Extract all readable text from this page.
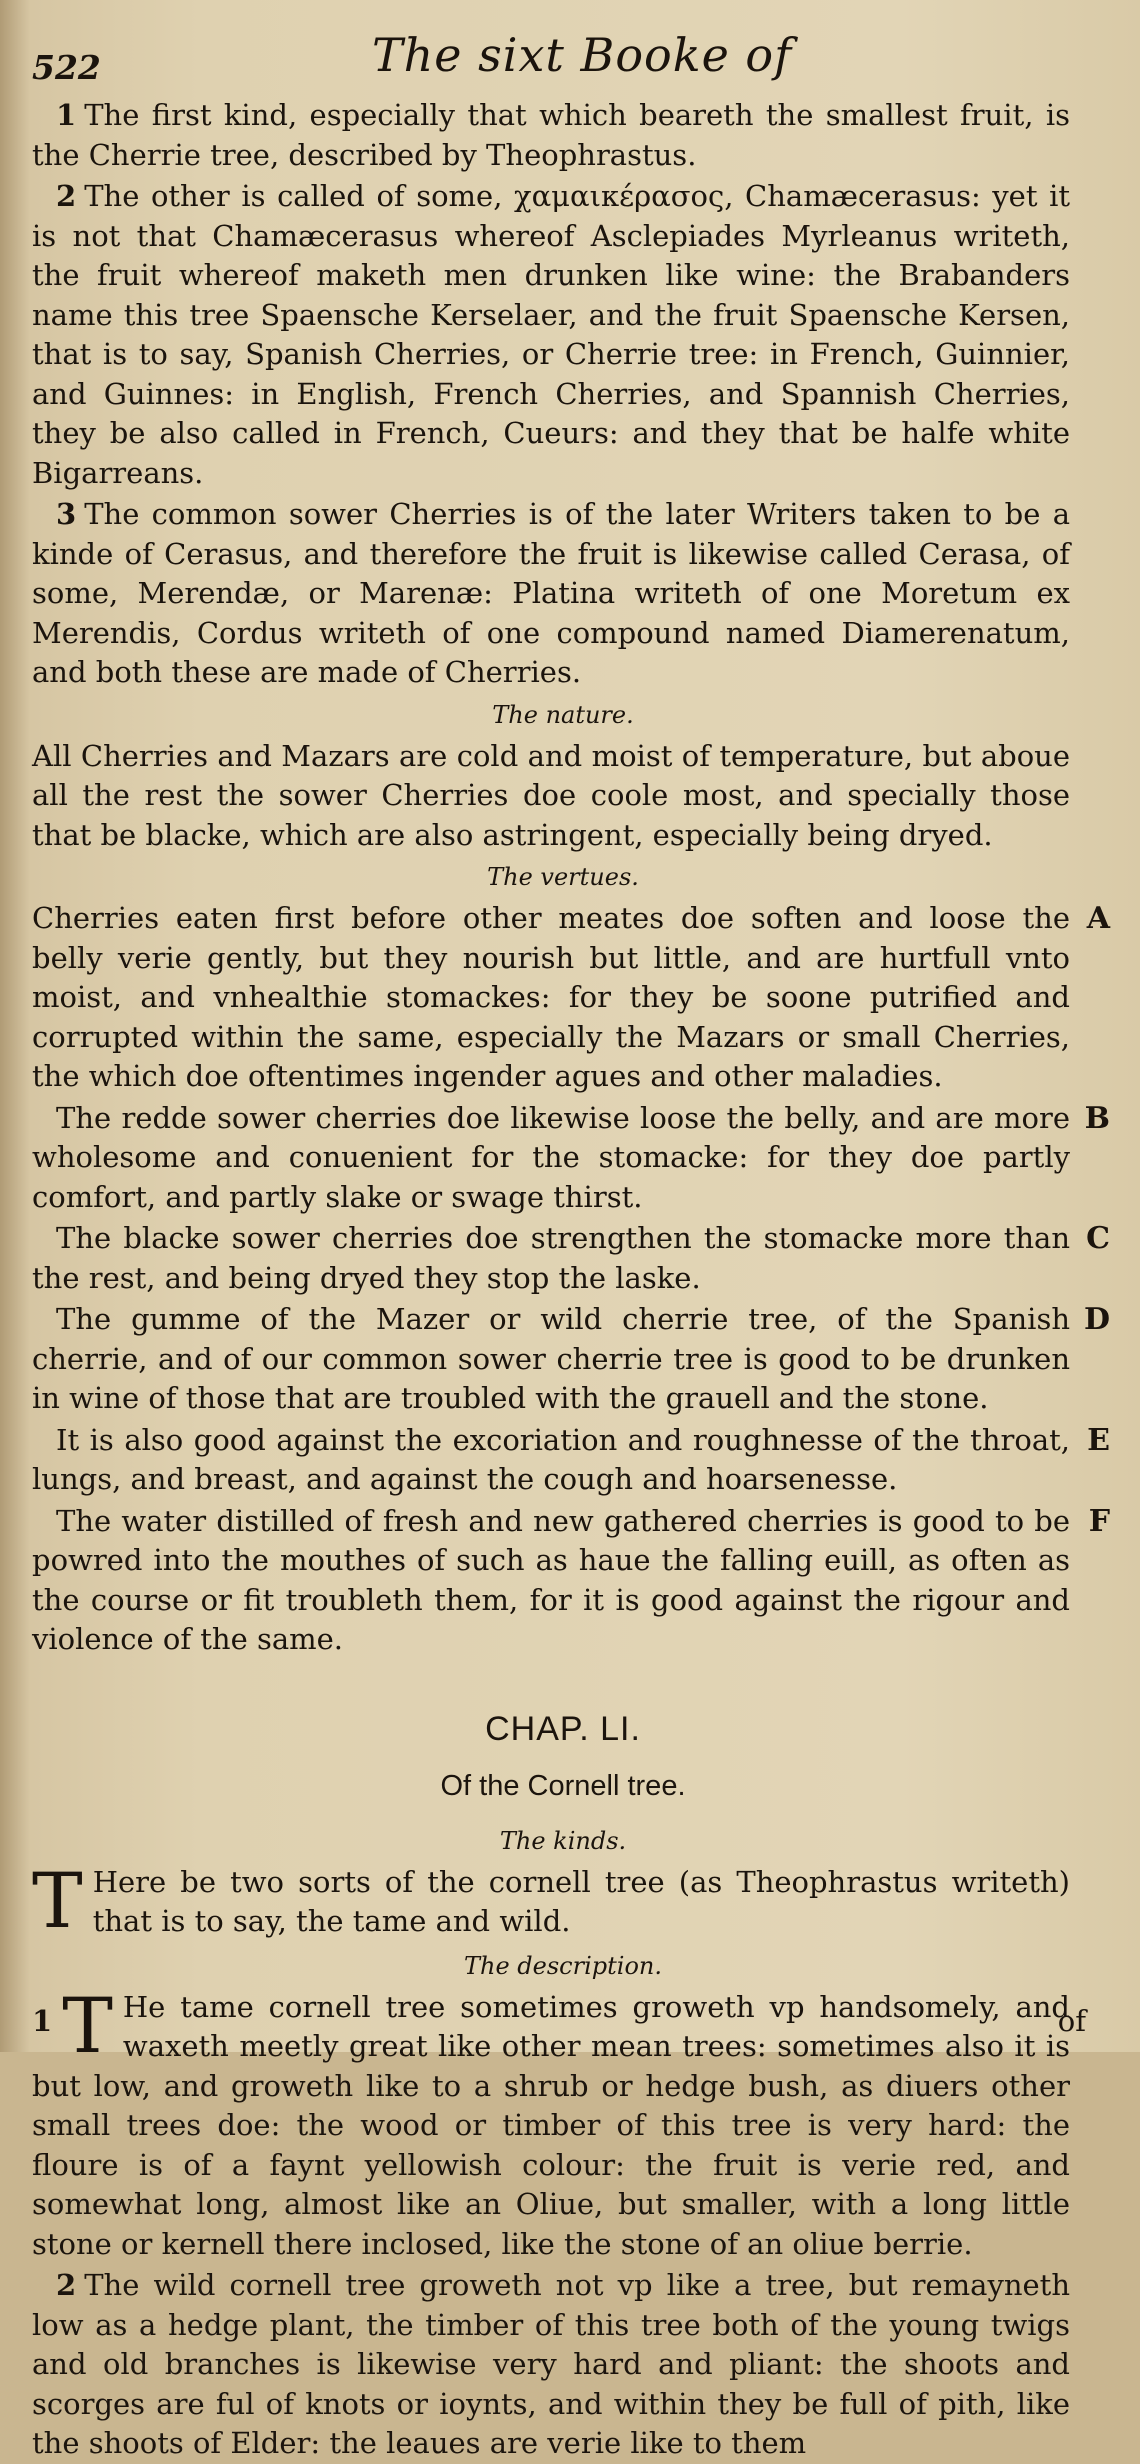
522	The sixt Booke of

1 The first kind, especially that which beareth the smallest fruit, is the Cherrie tree, described by Theophrastus.

2 The other is called of some, χαμαικέρασος, Chamæcerasus: yet it is not that Chamæcerasus whereof Asclepiades Myrleanus writeth, the fruit whereof maketh men drunken like wine: the Brabanders name this tree Spaensche Kerselaer, and the fruit Spaensche Kersen, that is to say, Spanish Cherries, or Cherrie tree: in French, Guinnier, and Guinnes: in English, French Cherries, and Spannish Cherries, they be also called in French, Cueurs: and they that be halfe white Bigarreans.

3 The common sower Cherries is of the later Writers taken to be a kinde of Cerasus, and therefore the fruit is likewise called Cerasa, of some, Merendæ, or Marenæ: Platina writeth of one Moretum ex Merendis, Cordus writeth of one compound named Diamerenatum, and both these are made of Cherries.

The nature.

All Cherries and Mazars are cold and moist of temperature, but aboue all the rest the sower Cherries doe coole most, and specially those that be blacke, which are also astringent, especially being dryed.

The vertues.

Cherries eaten first before other meates doe soften and loose the belly verie gently, but they nourish but little, and are hurtfull vnto moist, and vnhealthie stomackes: for they be soone putrified and corrupted within the same, especially the Mazars or small Cherries, the which doe oftentimes ingender agues and other maladies.
A

The redde sower cherries doe likewise loose the belly, and are more wholesome and conuenient for the stomacke: for they doe partly comfort, and partly slake or swage thirst.
B

The blacke sower cherries doe strengthen the stomacke more than the rest, and being dryed they stop the laske.
C

The gumme of the Mazer or wild cherrie tree, of the Spanish cherrie, and of our common sower cherrie tree is good to be drunken in wine of those that are troubled with the grauell and the stone.
D

It is also good against the excoriation and roughnesse of the throat, lungs, and breast, and against the cough and hoarsenesse.
E

The water distilled of fresh and new gathered cherries is good to be powred into the mouthes of such as haue the falling euill, as often as the course or fit troubleth them, for it is good against the rigour and violence of the same.
F

CHAP. LI.
Of the Cornell tree.
The kinds.

T Here be two sorts of the cornell tree (as Theophrastus writeth) that is to say, the tame and wild.

The description.

1 T He tame cornell tree sometimes groweth vp handsomely, and waxeth meetly great like other mean trees: sometimes also it is but low, and groweth like to a shrub or hedge bush, as diuers other small trees doe: the wood or timber of this tree is very hard: the floure is of a faynt yellowish colour: the fruit is verie red, and somewhat long, almost like an Oliue, but smaller, with a long little stone or kernell there inclosed, like the stone of an oliue berrie.

2 The wild cornell tree groweth not vp like a tree, but remayneth low as a hedge plant, the timber of this tree both of the young twigs and old branches is likewise very hard and pliant: the shoots and scorges are ful of knots or ioynts, and within they be full of pith, like the shoots of Elder: the leaues are verie like to them

of
